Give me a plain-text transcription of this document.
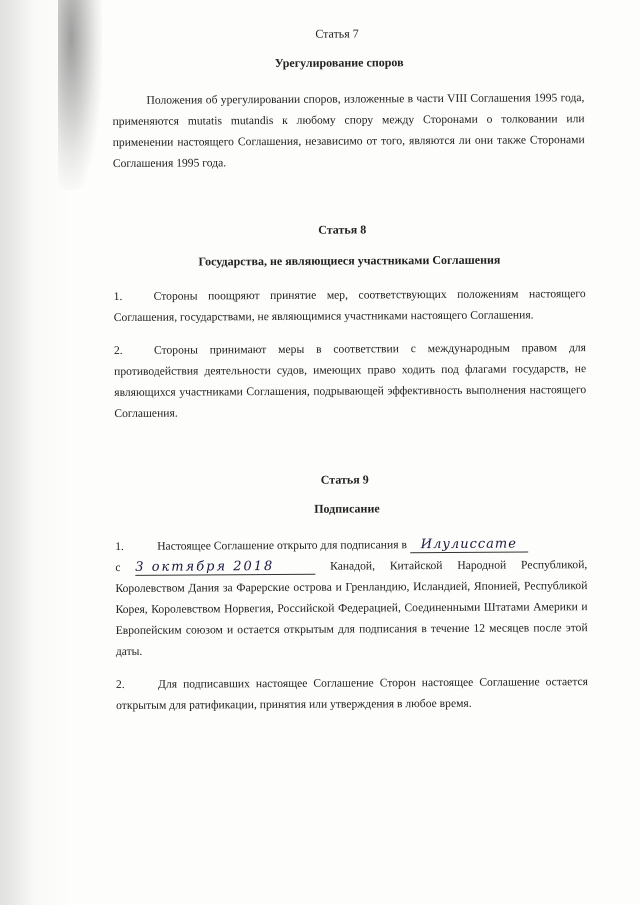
Статья 7
Урегулирование споров

Положения об урегулировании споров, изложенные в части VIII Соглашения 1995 года, применяются mutatis mutandis к любому спору между Сторонами о толковании или применении настоящего Соглашения, независимо от того, являются ли они также Сторонами Соглашения 1995 года.

Статья 8
Государства, не являющиеся участниками Соглашения

1.	Стороны поощряют принятие мер, соответствующих положениям настоящего Соглашения, государствами, не являющимися участниками настоящего Соглашения.

2.	Стороны принимают меры в соответствии с международным правом для противодействия деятельности судов, имеющих право ходить под флагами государств, не являющихся участниками Соглашения, подрывающей эффективность выполнения настоящего Соглашения.

Статья 9
Подписание

1.	Настоящее Соглашение открыто для подписания в Илулиссате
с 3 октября 2018	Канадой, Китайской Народной Республикой, Королевством Дания за Фарерские острова и Гренландию, Исландией, Японией, Республикой Корея, Королевством Норвегия, Российской Федерацией, Соединенными Штатами Америки и Европейским союзом и остается открытым для подписания в течение 12 месяцев после этой даты.

2.	Для подписавших настоящее Соглашение Сторон настоящее Соглашение остается открытым для ратификации, принятия или утверждения в любое время.
